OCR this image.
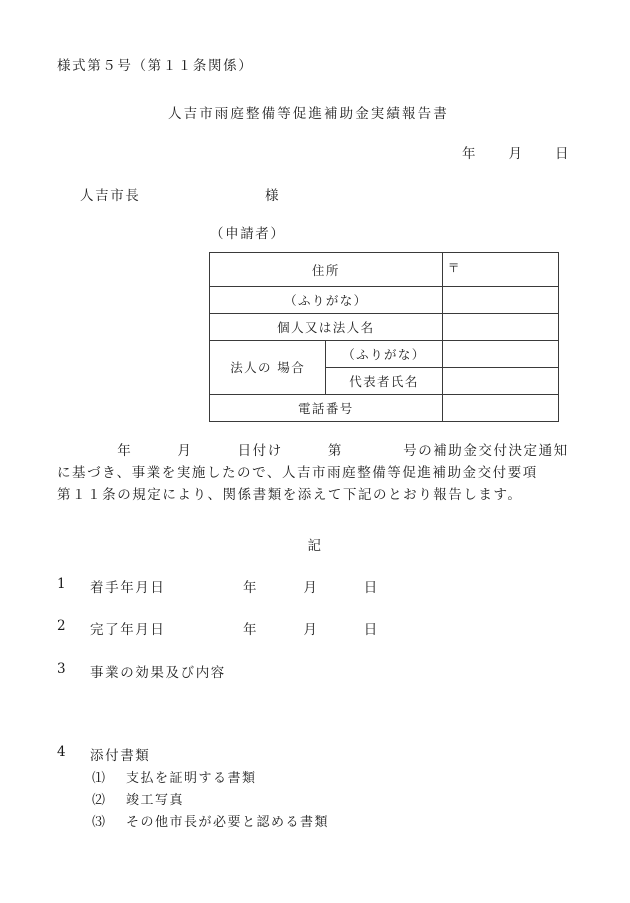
様式第５号（第１１条関係）
人吉市雨庭整備等促進補助金実績報告書
年　　月　　日
人吉市長	様
（申請者）
住所		〒
（ふりがな）		

個人又は法人名		

法人の 場合	（ふりがな）	

	代表者氏名	

電話番号		
　　　　年　　　月　　　日付け　　　第　　　　号の補助金交付決定通知
に基づき、事業を実施したので、人吉市雨庭整備等促進補助金交付要項
第１１条の規定により、関係書類を添えて下記のとおり報告します。
記
1 着手年月日	年　　　月　　　日
2 完了年月日	年　　　月　　　日
3 事業の効果及び内容
4 添付書類
⑴ 支払を証明する書類
⑵ 竣工写真
⑶ その他市長が必要と認める書類
